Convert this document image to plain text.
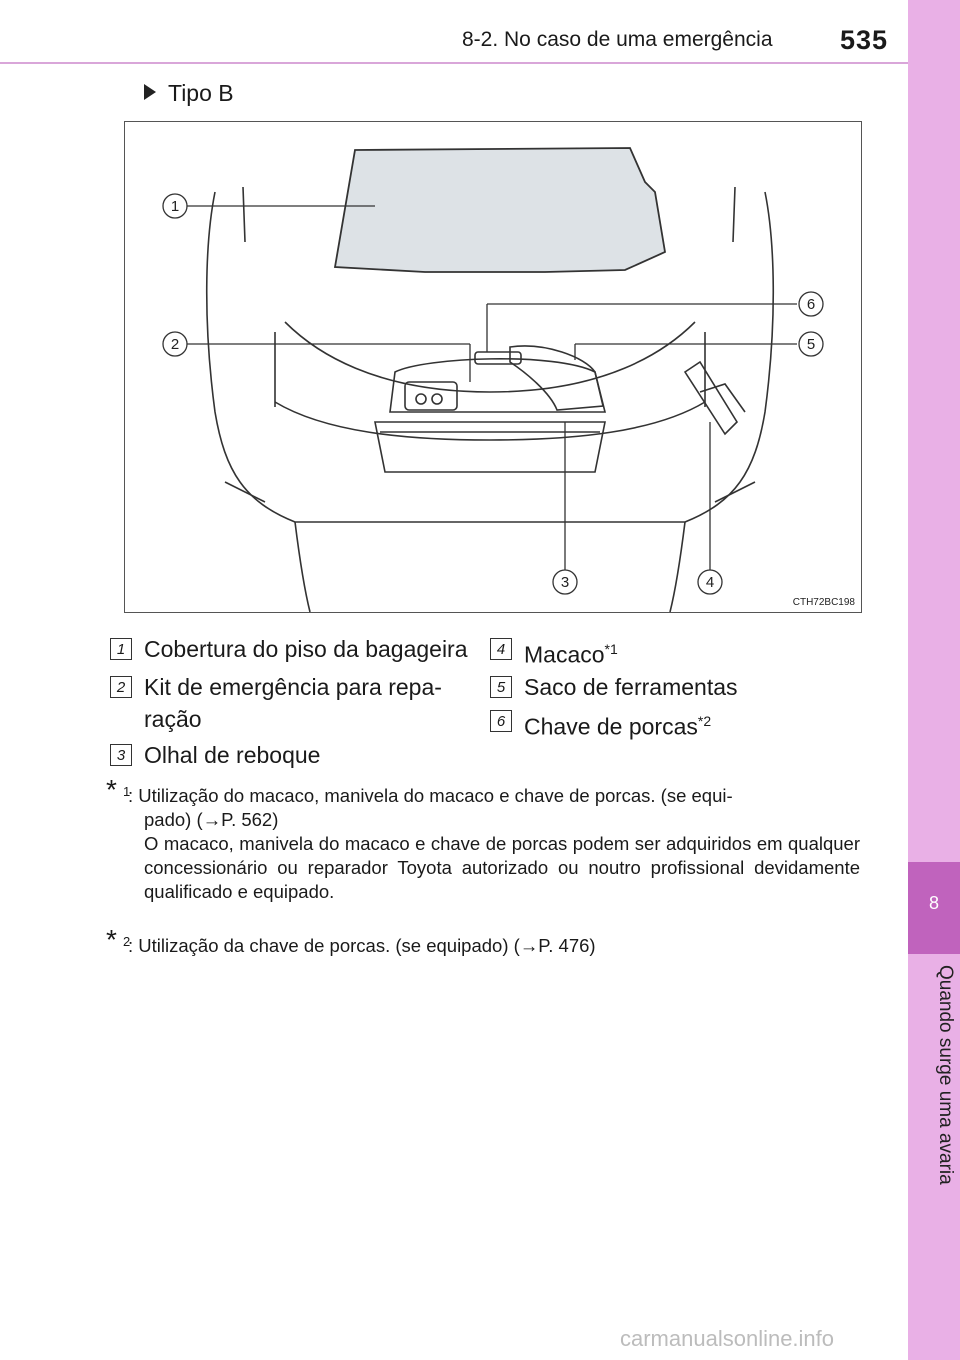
8-2. No caso de uma emergência	535
8
Quando surge uma avaria
Tipo B
1
2
3	4
5
6
CTH72BC198
1 Cobertura do piso da bagageira
2 Kit de emergência para repa-
ração
3 Olhal de reboque
4 Macaco$^{*1}$
5 Saco de ferramentas
6 Chave de porcas$^{*2}$
* 1

: Utilização do macaco, manivela do macaco e chave de porcas. (se equi-

pado) (→P. 562)

O macaco, manivela do macaco e chave de porcas podem ser adquiridos em qualquer concessionário ou reparador Toyota autorizado ou noutro profissional devidamente qualificado e equipado.

* 2

: Utilização da chave de porcas. (se equipado) (→P. 476)

carmanualsonline.info
